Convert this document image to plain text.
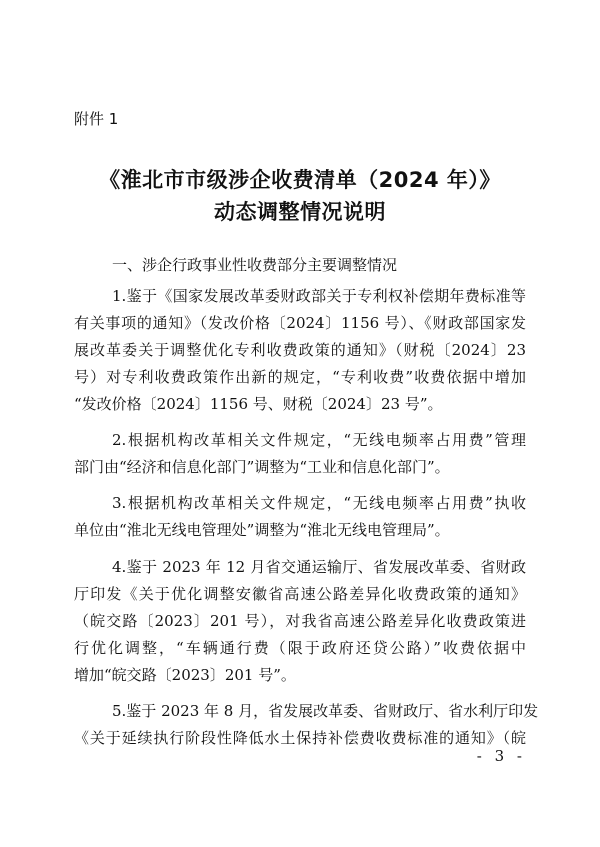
附件 1
《淮北市市级涉企收费清单（2024 年）》
动态调整情况说明
一、涉企行政事业性收费部分主要调整情况
1.鉴于《国家发展改革委财政部关于专利权补偿期年费标准等
有关事项的通知》（发改价格〔2024〕1156 号）、《财政部国家发
展改革委关于调整优化专利收费政策的通知》（财税〔2024〕23
号）对专利收费政策作出新的规定，“专利收费”收费依据中增加
“发改价格〔2024〕1156 号、财税〔2024〕23 号”。
2.根据机构改革相关文件规定，“无线电频率占用费”管理
部门由“经济和信息化部门”调整为“工业和信息化部门”。
3.根据机构改革相关文件规定，“无线电频率占用费”执收
单位由“淮北无线电管理处”调整为“淮北无线电管理局”。
4.鉴于 2023 年 12 月省交通运输厅、省发展改革委、省财政
厅印发《关于优化调整安徽省高速公路差异化收费政策的通知》
（皖交路〔2023〕201 号），对我省高速公路差异化收费政策进
行优化调整，“车辆通行费（限于政府还贷公路）”收费依据中
增加“皖交路〔2023〕201 号”。
5.鉴于 2023 年 8 月，省发展改革委、省财政厅、省水利厅印发
《关于延续执行阶段性降低水土保持补偿费收费标准的通知》（皖
- 3 -
